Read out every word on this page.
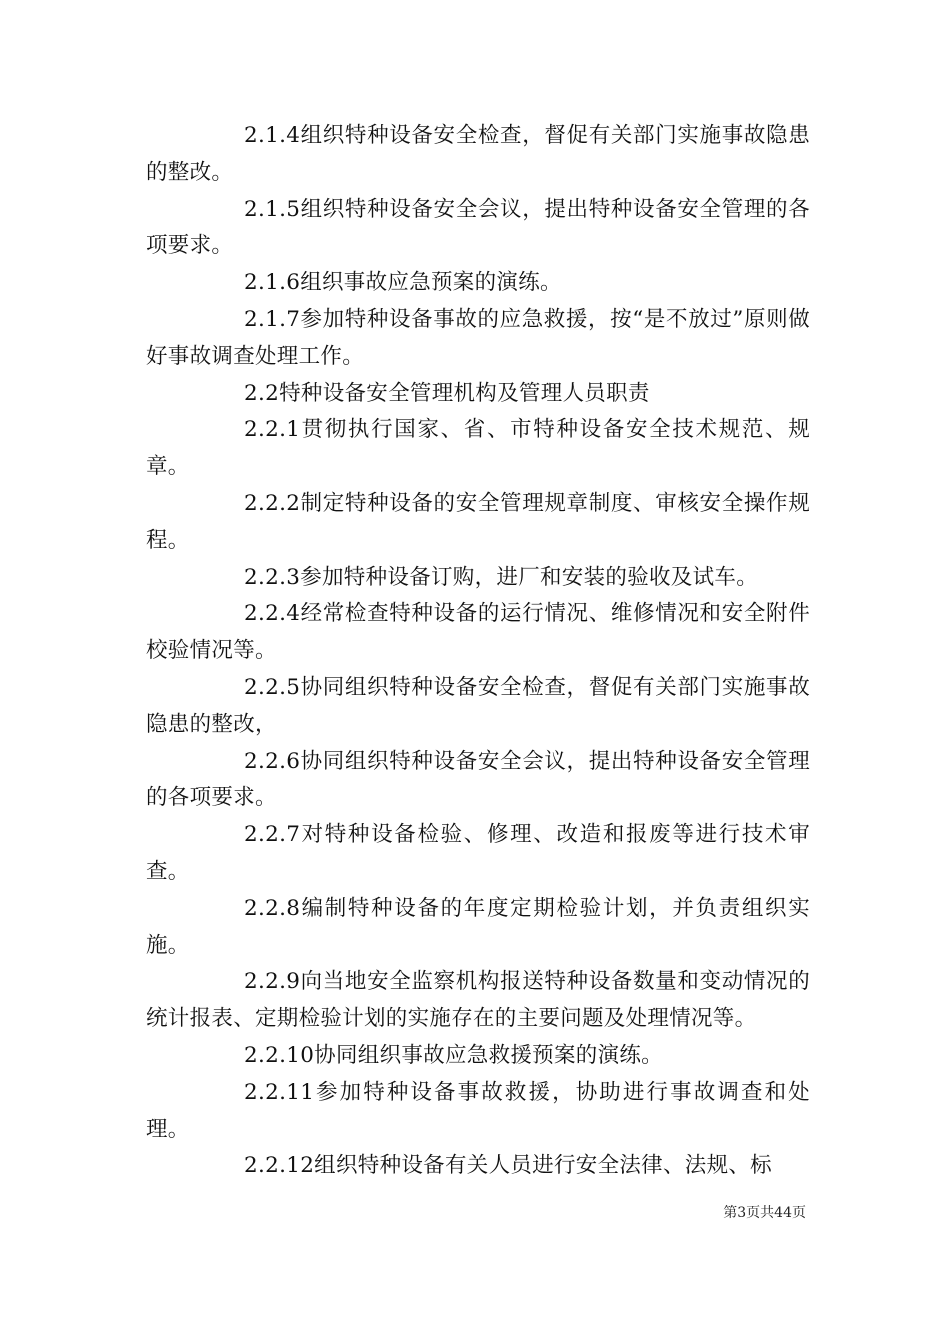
2.1.4组织特种设备安全检查，督促有关部门实施事故隐患的整改。

2.1.5组织特种设备安全会议，提出特种设备安全管理的各项要求。

2.1.6组织事故应急预案的演练。

2.1.7参加特种设备事故的应急救援，按“是不放过”原则做好事故调查处理工作。

2.2特种设备安全管理机构及管理人员职责

2.2.1贯彻执行国家、省、市特种设备安全技术规范、规章。

2.2.2制定特种设备的安全管理规章制度、审核安全操作规程。

2.2.3参加特种设备订购，进厂和安装的验收及试车。

2.2.4经常检查特种设备的运行情况、维修情况和安全附件校验情况等。

2.2.5协同组织特种设备安全检查，督促有关部门实施事故隐患的整改，

2.2.6协同组织特种设备安全会议，提出特种设备安全管理的各项要求。

2.2.7对特种设备检验、修理、改造和报废等进行技术审查。

2.2.8编制特种设备的年度定期检验计划，并负责组织实施。

2.2.9向当地安全监察机构报送特种设备数量和变动情况的统计报表、定期检验计划的实施存在的主要问题及处理情况等。

2.2.10协同组织事故应急救援预案的演练。

2.2.11参加特种设备事故救援，协助进行事故调查和处理。

2.2.12组织特种设备有关人员进行安全法律、法规、标

第3页共44页
